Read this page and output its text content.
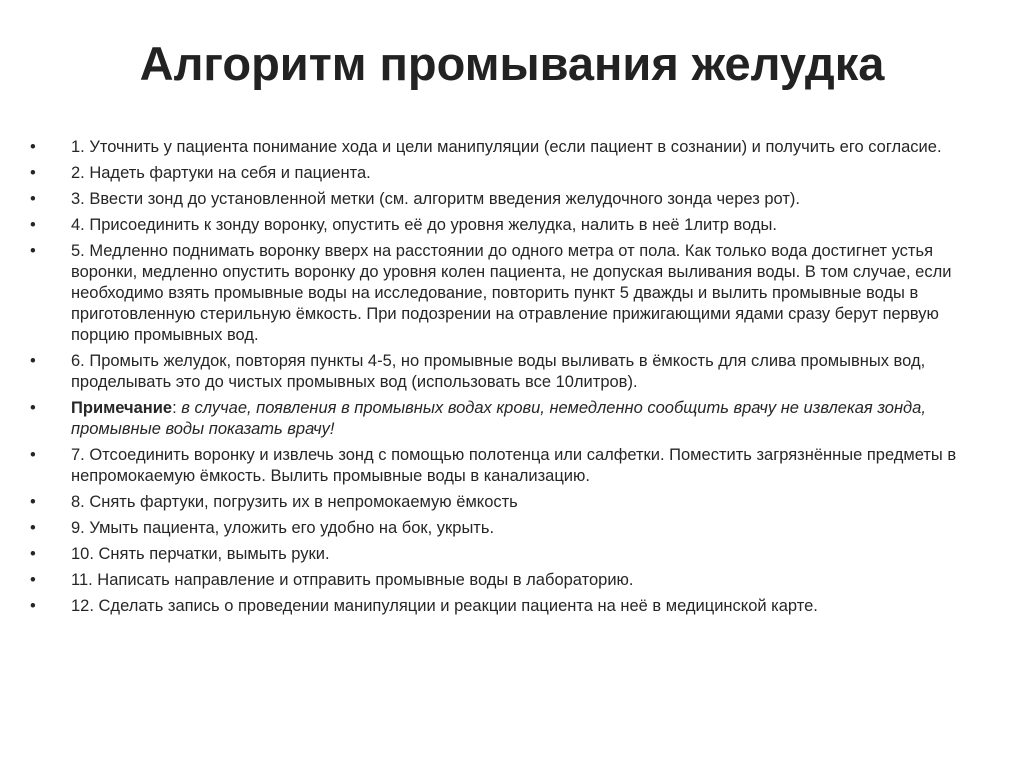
Алгоритм промывания желудка
•	1. Уточнить у пациента понимание хода и цели манипуляции (если пациент в сознании) и получить его согласие.
•	2. Надеть фартуки на себя и пациента.
•	3. Ввести зонд до установленной метки (см. алгоритм введения желудочного зонда через рот).
•	4. Присоединить к зонду воронку, опустить её до уровня желудка, налить в неё 1литр воды.
•	5. Медленно поднимать воронку вверх на расстоянии до одного метра от пола. Как только вода достигнет устья воронки, медленно опустить воронку до уровня колен пациента, не допуская выливания воды. В том случае, если необходимо взять промывные воды на исследование, повторить пункт 5 дважды и вылить промывные воды в приготовленную стерильную ёмкость. При подозрении на отравление прижигающими ядами сразу берут первую порцию промывных вод.
•	6. Промыть желудок, повторяя пункты 4-5, но промывные воды выливать в ёмкость для слива промывных вод, проделывать это до чистых промывных вод (использовать все 10литров).
•	Примечание: в случае, появления в промывных водах крови, немедленно сообщить врачу не извлекая зонда, промывные воды показать врачу!
•	7. Отсоединить воронку и извлечь зонд с помощью полотенца или салфетки. Поместить загрязнённые предметы в непромокаемую ёмкость. Вылить промывные воды в канализацию.
•	8. Снять фартуки, погрузить их в непромокаемую ёмкость
•	9. Умыть пациента, уложить его удобно на бок, укрыть.
•	10. Снять перчатки, вымыть руки.
•	11. Написать направление и отправить промывные воды в лабораторию.
•	12. Сделать запись о проведении манипуляции и реакции пациента на неё в медицинской карте.
